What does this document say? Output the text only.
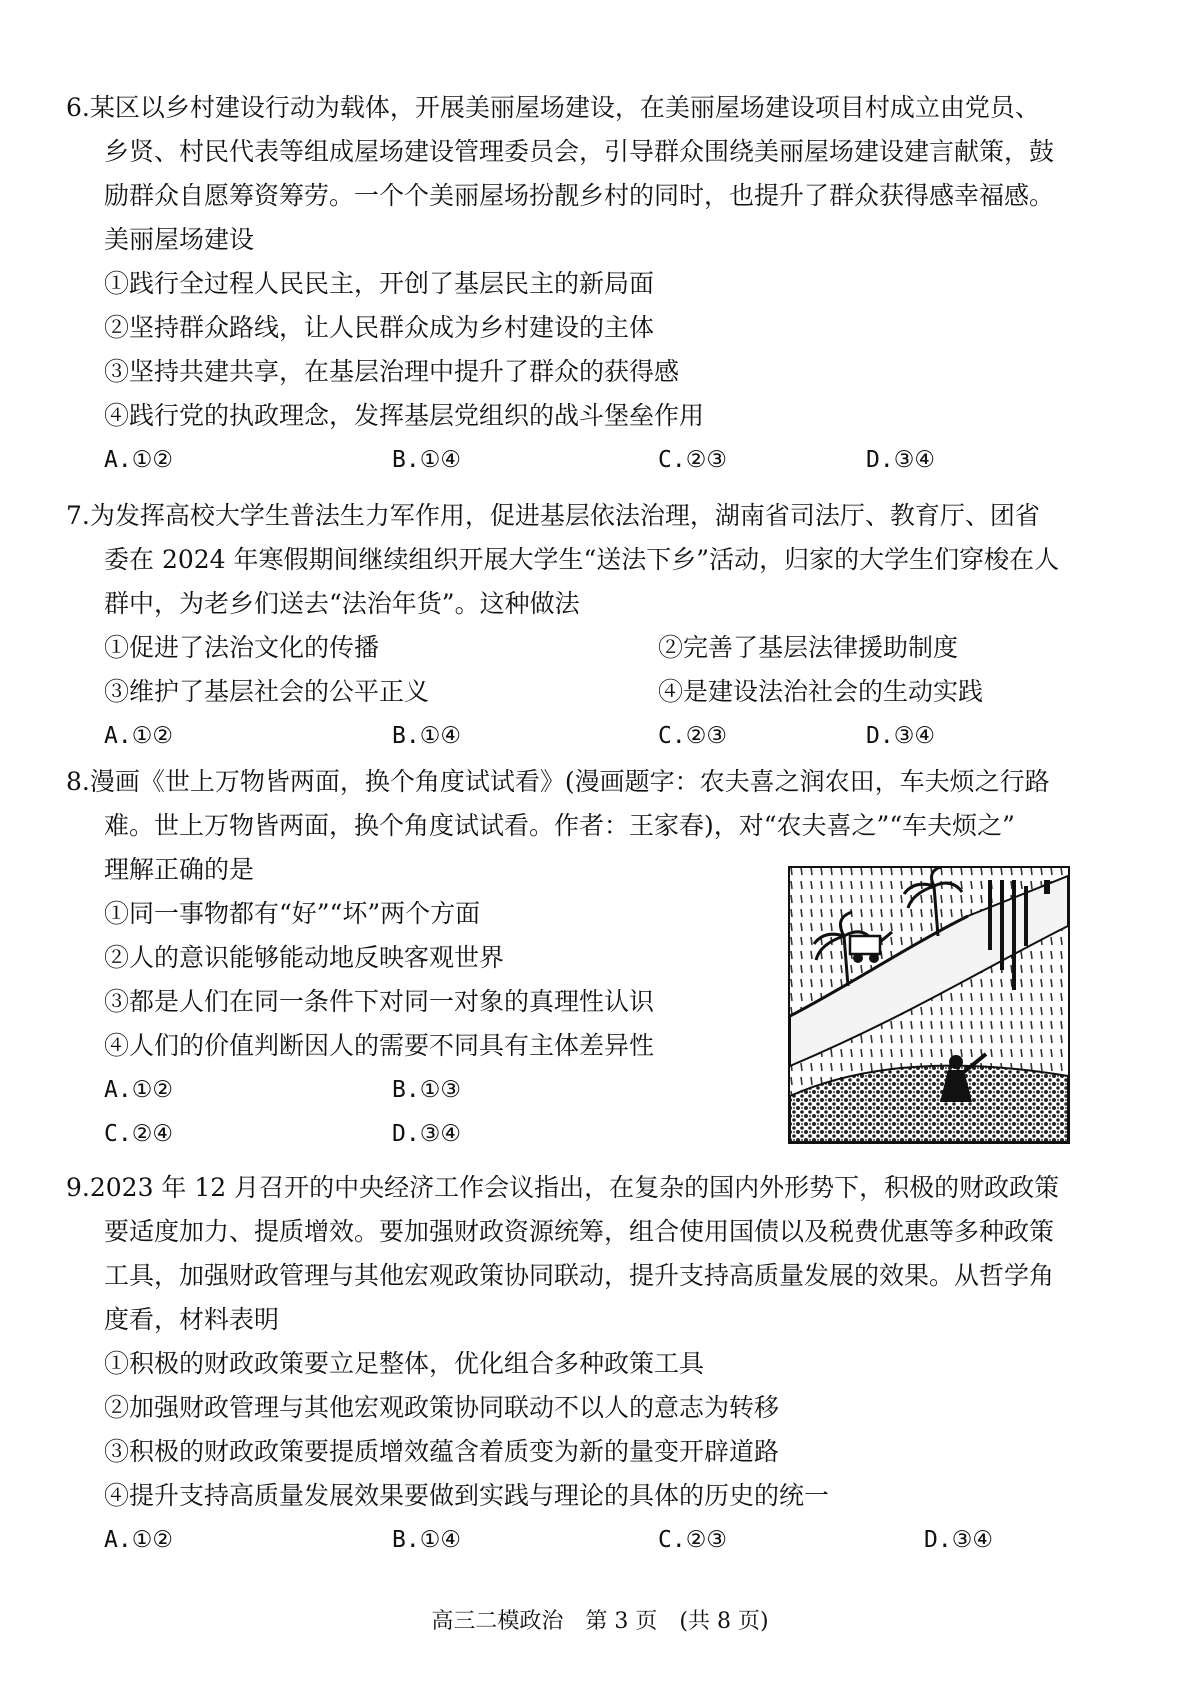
6.某区以乡村建设行动为载体，开展美丽屋场建设，在美丽屋场建设项目村成立由党员、
乡贤、村民代表等组成屋场建设管理委员会，引导群众围绕美丽屋场建设建言献策，鼓
励群众自愿筹资筹劳。一个个美丽屋场扮靓乡村的同时，也提升了群众获得感幸福感。
美丽屋场建设
①践行全过程人民民主，开创了基层民主的新局面
②坚持群众路线，让人民群众成为乡村建设的主体
③坚持共建共享，在基层治理中提升了群众的获得感
④践行党的执政理念，发挥基层党组织的战斗堡垒作用
A.①②	B.①④	C.②③	D.③④
7.为发挥高校大学生普法生力军作用，促进基层依法治理，湖南省司法厅、教育厅、团省
委在 2024 年寒假期间继续组织开展大学生“送法下乡”活动，归家的大学生们穿梭在人
群中，为老乡们送去“法治年货”。这种做法
①促进了法治文化的传播	②完善了基层法律援助制度
③维护了基层社会的公平正义	④是建设法治社会的生动实践
A.①②	B.①④	C.②③	D.③④
8.漫画《世上万物皆两面，换个角度试试看》(漫画题字：农夫喜之润农田，车夫烦之行路
难。世上万物皆两面，换个角度试试看。作者：王家春)，对“农夫喜之”“车夫烦之”
理解正确的是
①同一事物都有“好”“坏”两个方面
②人的意识能够能动地反映客观世界
③都是人们在同一条件下对同一对象的真理性认识
④人们的价值判断因人的需要不同具有主体差异性
A.①②	B.①③
C.②④	D.③④
9.2023 年 12 月召开的中央经济工作会议指出，在复杂的国内外形势下，积极的财政政策
要适度加力、提质增效。要加强财政资源统筹，组合使用国债以及税费优惠等多种政策
工具，加强财政管理与其他宏观政策协同联动，提升支持高质量发展的效果。从哲学角
度看，材料表明
①积极的财政政策要立足整体，优化组合多种政策工具
②加强财政管理与其他宏观政策协同联动不以人的意志为转移
③积极的财政政策要提质增效蕴含着质变为新的量变开辟道路
④提升支持高质量发展效果要做到实践与理论的具体的历史的统一
A.①②	B.①④	C.②③	D.③④
高三二模政治　第 3 页　(共 8 页)
